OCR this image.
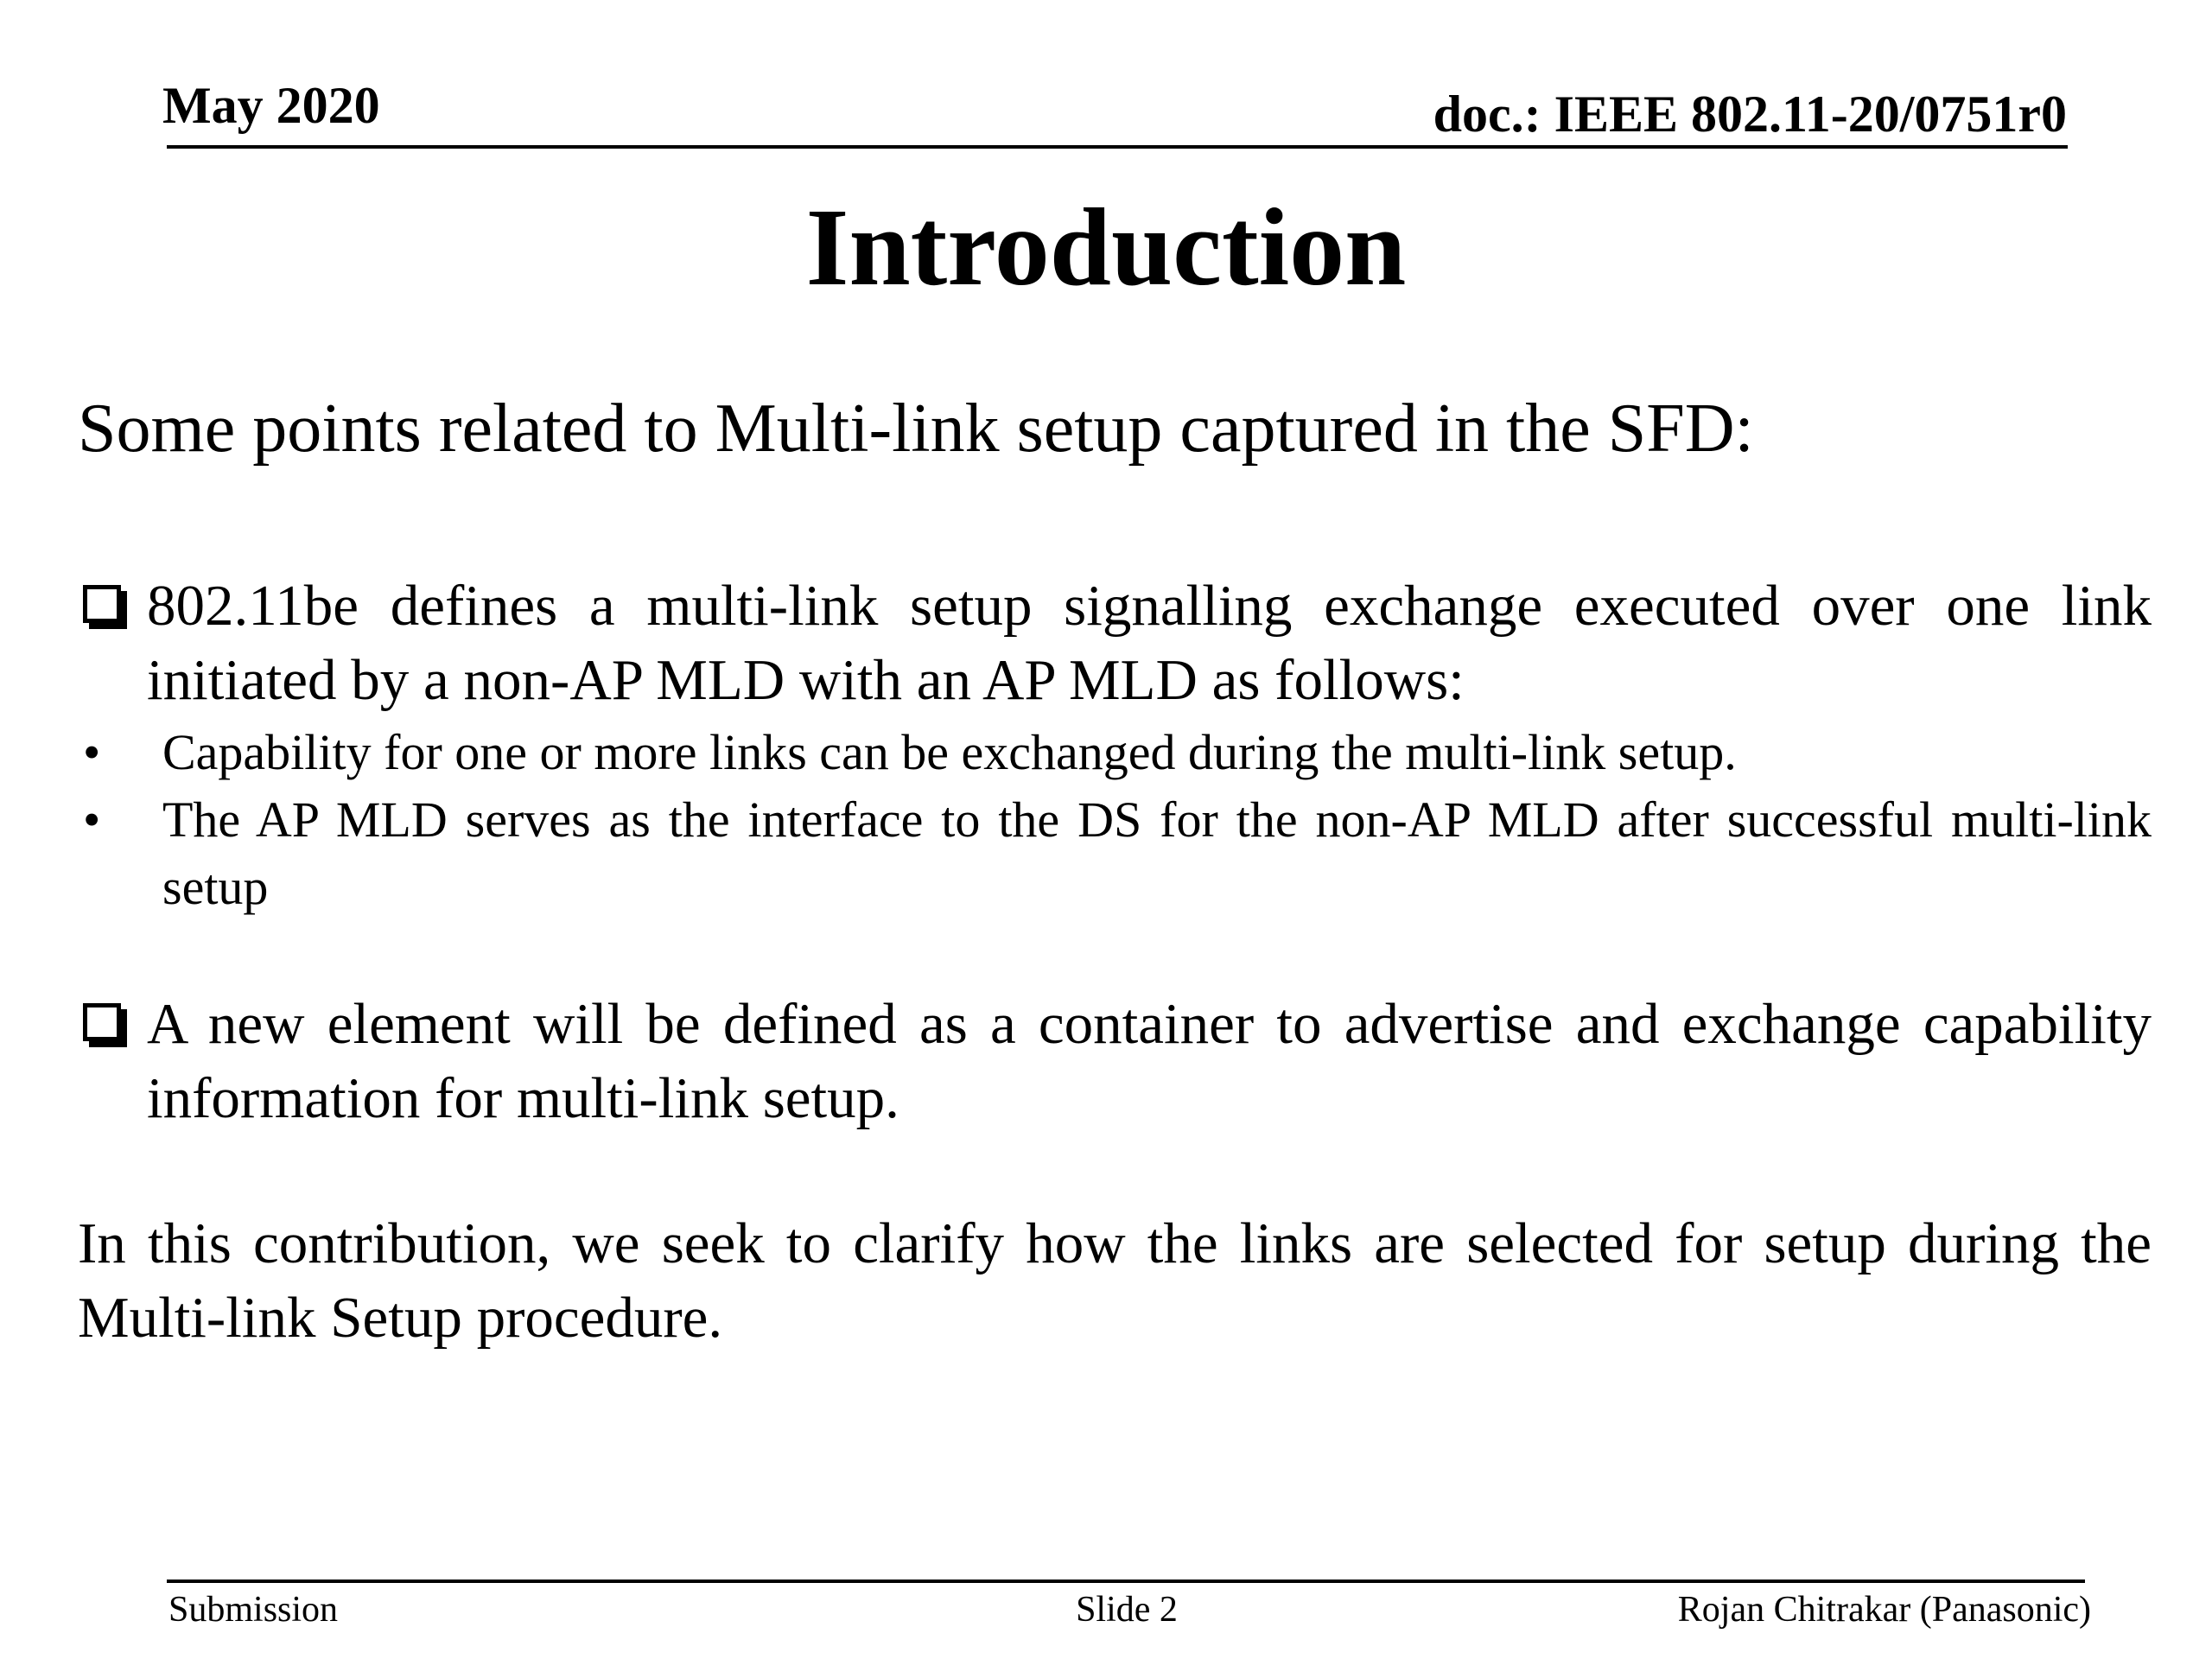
May 2020	doc.: IEEE 802.11-20/0751r0
Introduction
Some points related to Multi-link setup captured in the SFD:
802.11be defines a multi-link setup signalling exchange executed over one link initiated by a non-AP MLD with an AP MLD as follows:
•	Capability for one or more links can be exchanged during the multi-link setup.
•	The AP MLD serves as the interface to the DS for the non-AP MLD after successful multi-link setup
A new element will be defined as a container to advertise and exchange capability information for multi-link setup.
In this contribution, we seek to clarify how the links are selected for setup during the Multi-link Setup procedure.
Submission	Slide 2	Rojan Chitrakar (Panasonic)
